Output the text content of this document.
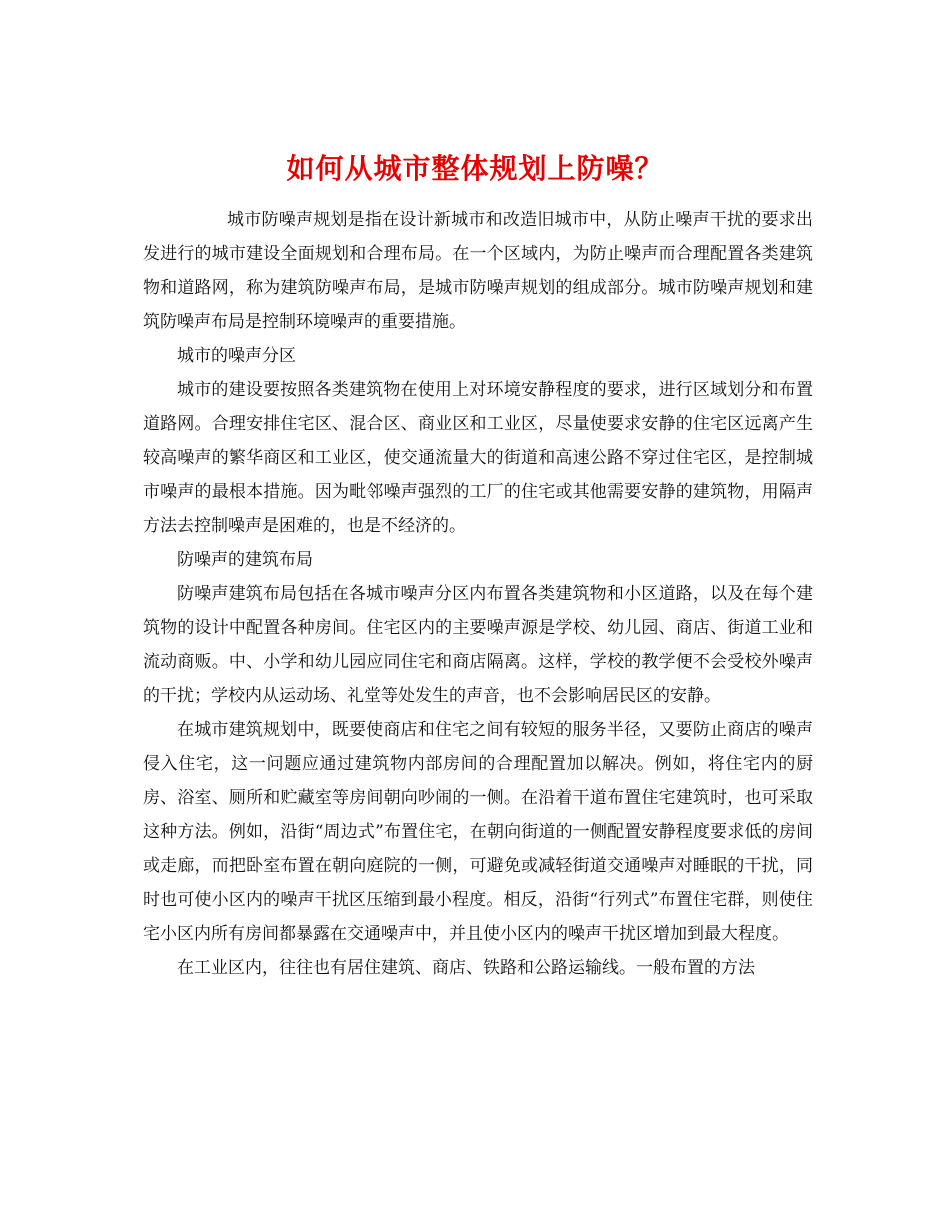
如何从城市整体规划上防噪？

城市防噪声规划是指在设计新城市和改造旧城市中，从防止噪声干扰的要求出发进行的城市建设全面规划和合理布局。在一个区域内，为防止噪声而合理配置各类建筑物和道路网，称为建筑防噪声布局，是城市防噪声规划的组成部分。城市防噪声规划和建筑防噪声布局是控制环境噪声的重要措施。

城市的噪声分区

城市的建设要按照各类建筑物在使用上对环境安静程度的要求，进行区域划分和布置道路网。合理安排住宅区、混合区、商业区和工业区，尽量使要求安静的住宅区远离产生较高噪声的繁华商区和工业区，使交通流量大的街道和高速公路不穿过住宅区，是控制城市噪声的最根本措施。因为毗邻噪声强烈的工厂的住宅或其他需要安静的建筑物，用隔声方法去控制噪声是困难的，也是不经济的。

防噪声的建筑布局

防噪声建筑布局包括在各城市噪声分区内布置各类建筑物和小区道路，以及在每个建筑物的设计中配置各种房间。住宅区内的主要噪声源是学校、幼儿园、商店、街道工业和流动商贩。中、小学和幼儿园应同住宅和商店隔离。这样，学校的教学便不会受校外噪声的干扰；学校内从运动场、礼堂等处发生的声音，也不会影响居民区的安静。

在城市建筑规划中，既要使商店和住宅之间有较短的服务半径，又要防止商店的噪声侵入住宅，这一问题应通过建筑物内部房间的合理配置加以解决。例如，将住宅内的厨房、浴室、厕所和贮藏室等房间朝向吵闹的一侧。在沿着干道布置住宅建筑时，也可采取这种方法。例如，沿街“周边式”布置住宅，在朝向街道的一侧配置安静程度要求低的房间或走廊，而把卧室布置在朝向庭院的一侧，可避免或减轻街道交通噪声对睡眠的干扰，同时也可使小区内的噪声干扰区压缩到最小程度。相反，沿街“行列式”布置住宅群，则使住宅小区内所有房间都暴露在交通噪声中，并且使小区内的噪声干扰区增加到最大程度。

在工业区内，往往也有居住建筑、商店、铁路和公路运输线。一般布置的方法
